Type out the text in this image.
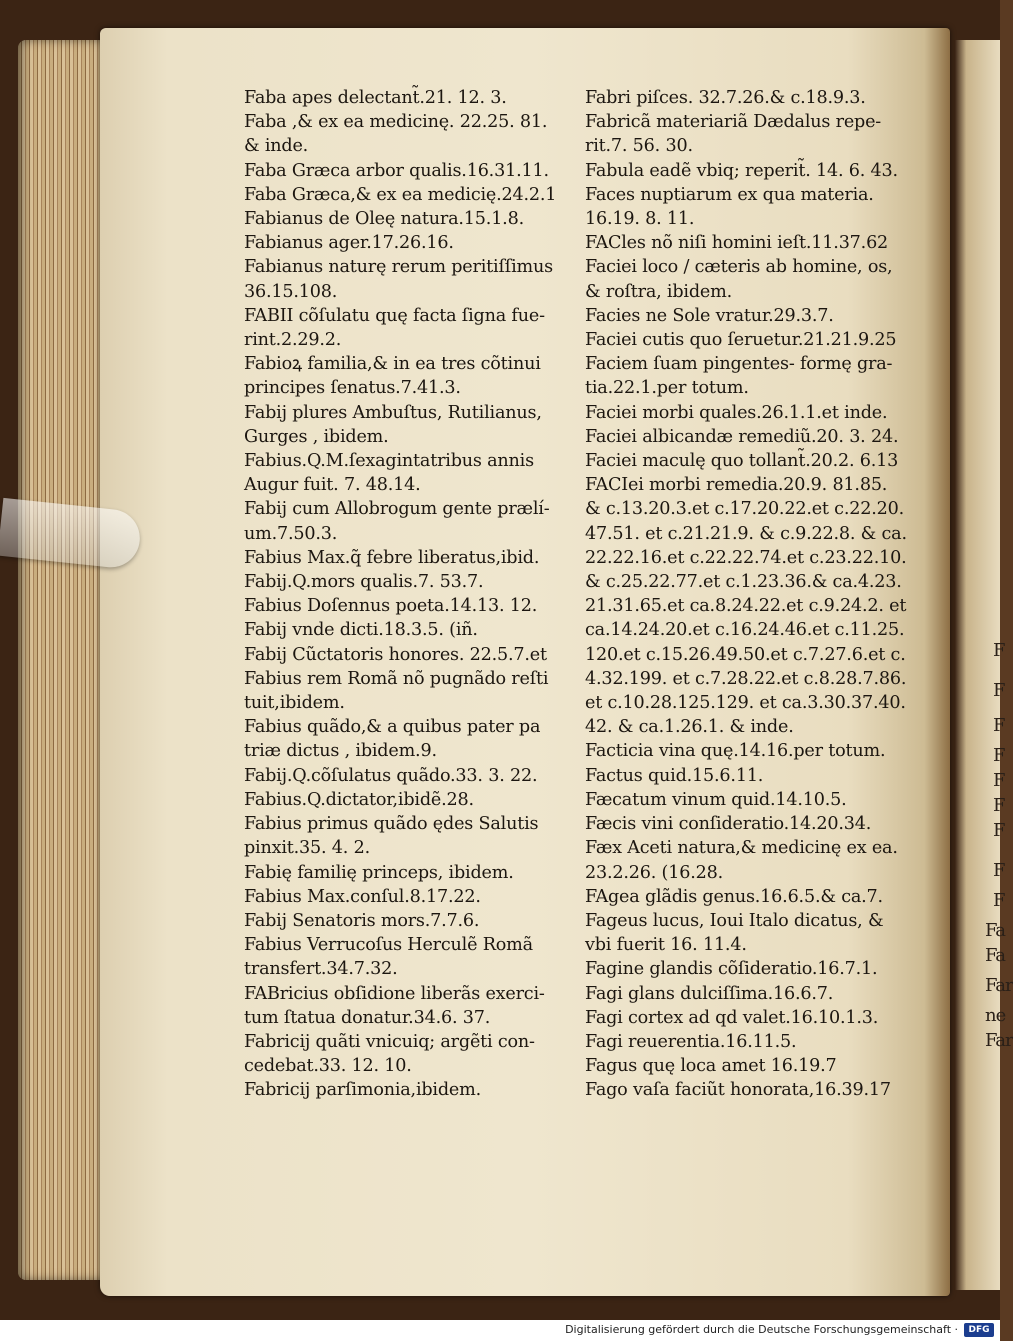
F
F
F
F
F
F
F
F
F
Fa
Fa
Far
ne
Far
Faba apes delectant̃.21. 12. 3.
Faba ,& ex ea medicinę. 22.25. 81.
& inde.
Faba Græca arbor qualis.16.31.11.
Faba Græca,& ex ea medicię.24.2.1
Fabianus de Oleę natura.15.1.8.
Fabianus ager.17.26.16.
Fabianus naturę rerum peritiſſimus
36.15.108.
FABII cõſulatu quę facta ſigna fue-
rint.2.29.2.
Fabioꝝ familia,& in ea tres cõtinui
principes ſenatus.7.41.3.
Fabij plures Ambuſtus, Rutilianus,
Gurges , ibidem.
Fabius.Q.M.ſexagintatribus annis
Augur fuit. 7. 48.14.
Fabij cum Allobrogum gente prælí-
um.7.50.3.
Fabius Max.q̃ febre liberatus,ibid.
Fabij.Q.mors qualis.7. 53.7.
Fabius Doſennus poeta.14.13. 12.
Fabij vnde dicti.18.3.5. (iñ.
Fabij Cũctatoris honores. 22.5.7.et
Fabius rem Romã nõ pugnãdo reſti
tuit,ibidem.
Fabius quãdo,& a quibus pater pa
triæ dictus , ibidem.9.
Fabij.Q.cõſulatus quãdo.33. 3. 22.
Fabius.Q.dictator,ibidẽ.28.
Fabius primus quãdo ędes Salutis
pinxit.35. 4. 2.
Fabię familię princeps, ibidem.
Fabius Max.conſul.8.17.22.
Fabij Senatoris mors.7.7.6.
Fabius Verrucoſus Herculẽ Romã
transfert.34.7.32.
FABricius obſidione liberãs exerci-
tum ſtatua donatur.34.6. 37.
Fabricij quãti vnicuiq; argẽti con-
cedebat.33. 12. 10.
Fabricij parſimonia,ibidem.
Fabri piſces. 32.7.26.& c.18.9.3.
Fabricã materiariã Dædalus repe-
rit.7. 56. 30.
Fabula eadẽ vbiq; reperit̃. 14. 6. 43.
Faces nuptiarum ex qua materia.
16.19. 8. 11.
FACles nõ niſi homini ieſt.11.37.62
Faciei loco / cæteris ab homine, os,
& roſtra, ibidem.
Facies ne Sole vratur.29.3.7.
Faciei cutis quo ſeruetur.21.21.9.25
Faciem ſuam pingentes- formę gra-
tia.22.1.per totum.
Faciei morbi quales.26.1.1.et inde.
Faciei albicandæ remediũ.20. 3. 24.
Faciei maculę quo tollant̃.20.2. 6.13
FACIei morbi remedia.20.9. 81.85.
& c.13.20.3.et c.17.20.22.et c.22.20.
47.51. et c.21.21.9. & c.9.22.8. & ca.
22.22.16.et c.22.22.74.et c.23.22.10.
& c.25.22.77.et c.1.23.36.& ca.4.23.
21.31.65.et ca.8.24.22.et c.9.24.2. et
ca.14.24.20.et c.16.24.46.et c.11.25.
120.et c.15.26.49.50.et c.7.27.6.et c.
4.32.199. et c.7.28.22.et c.8.28.7.86.
et c.10.28.125.129. et ca.3.30.37.40.
42. & ca.1.26.1. & inde.
Facticia vina quę.14.16.per totum.
Factus quid.15.6.11.
Fæcatum vinum quid.14.10.5.
Fæcis vini conſideratio.14.20.34.
Fæx Aceti natura,& medicinę ex ea.
23.2.26. (16.28.
FAgea glãdis genus.16.6.5.& ca.7.
Fageus lucus, Ioui Italo dicatus, &
vbi fuerit 16. 11.4.
Fagine glandis cõſideratio.16.7.1.
Fagi glans dulciſſima.16.6.7.
Fagi cortex ad qd valet.16.10.1.3.
Fagi reuerentia.16.11.5.
Fagus quę loca amet 16.19.7
Fago vaſa faciũt honorata,16.39.17
Digitalisierung gefördert durch die Deutsche Forschungsgemeinschaft ·	DFG
